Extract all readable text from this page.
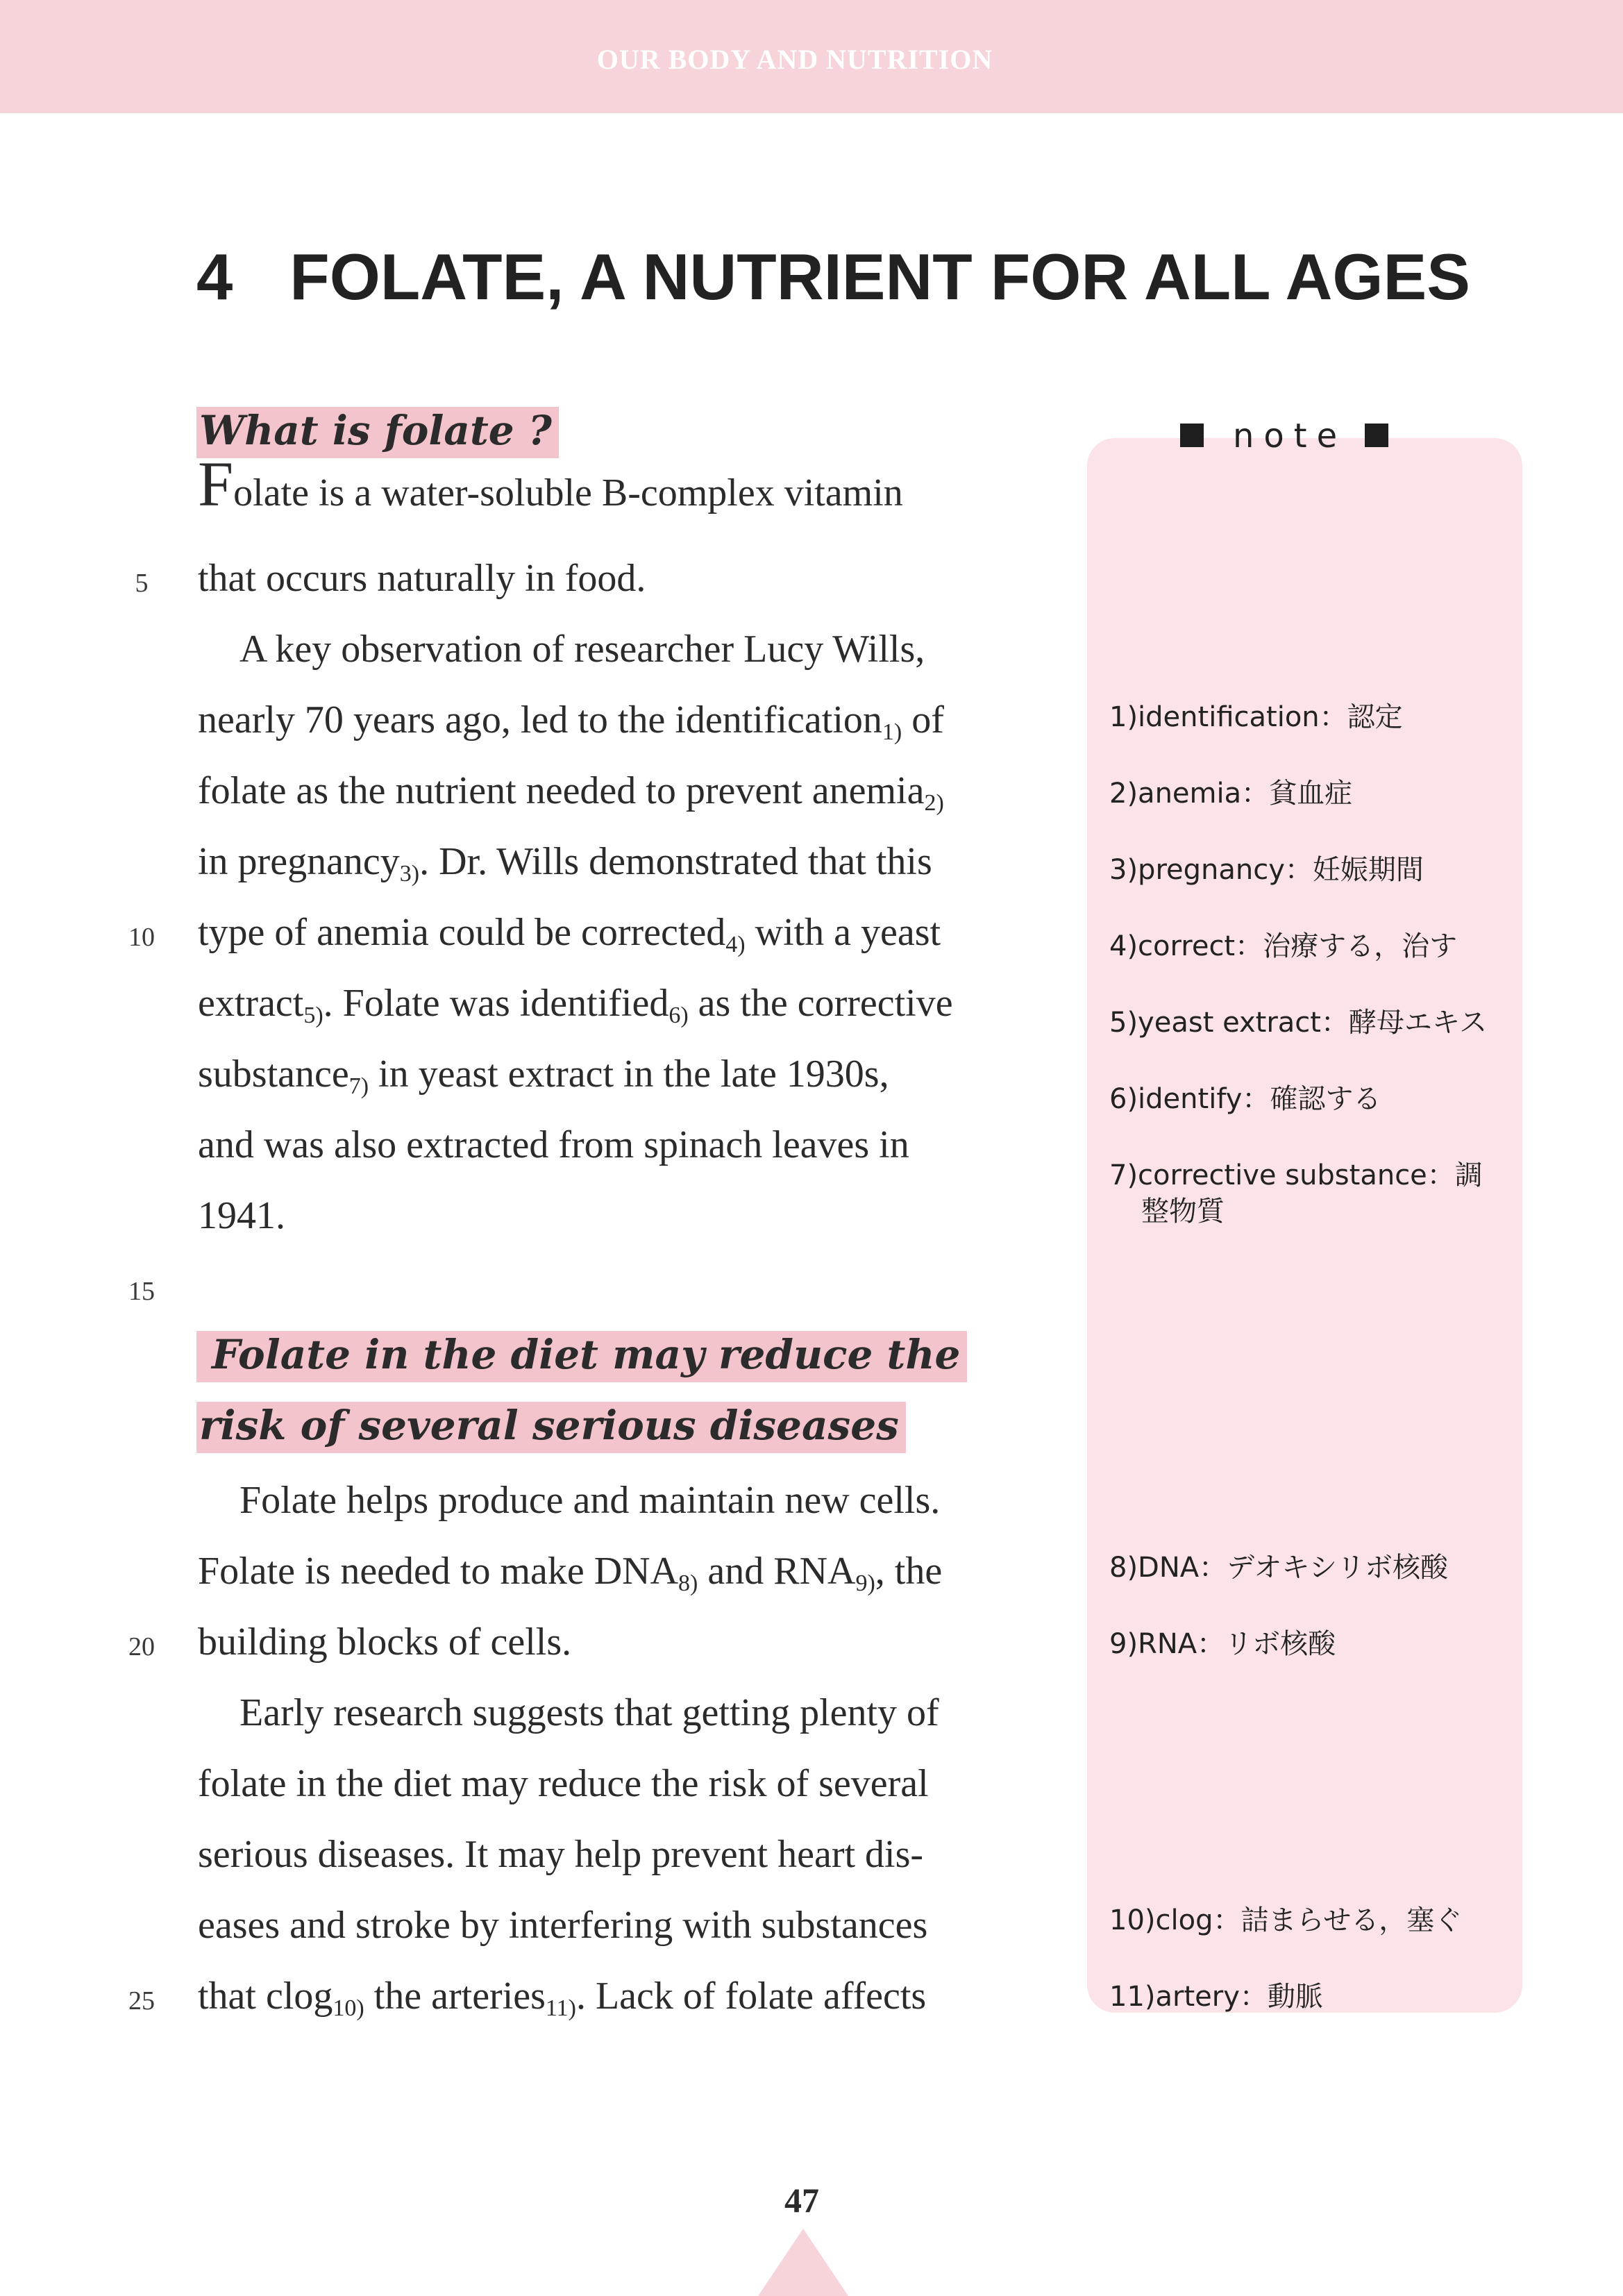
OUR BODY AND NUTRITION
4 FOLATE, A NUTRIENT FOR ALL AGES
What is folate ?

Folate is a water-soluble B-complex vitamin

that occurs naturally in food.

A key observation of researcher Lucy Wills,

nearly 70 years ago, led to the identification$_{1)}$ of

folate as the nutrient needed to prevent anemia$_{2)}$

in pregnancy$_{3)}$. Dr. Wills demonstrated that this

type of anemia could be corrected$_{4)}$ with a yeast

extract$_{5)}$. Folate was identified$_{6)}$ as the corrective

substance$_{7)}$ in yeast extract in the late 1930s,

and was also extracted from spinach leaves in

1941.

Folate in the diet may reduce the
risk of several serious diseases

Folate helps produce and maintain new cells.

Folate is needed to make $DNA_{8)}$ and $RNA_{9)}$, the

building blocks of cells.

Early research suggests that getting plenty of

folate in the diet may reduce the risk of several

serious diseases. It may help prevent heart dis-

eases and stroke by interfering with substances

that clog$_{10)}$ the arteries$_{11)}$. Lack of folate affects

5
10
15
20
25
note

1)identification：認定

2)anemia：貧血症

3)pregnancy：妊娠期間

4)correct：治療する，治す

5)yeast extract：酵母エキス

6)identify：確認する

7)corrective substance：調
整物質

8)DNA：デオキシリボ核酸

9)RNA：リボ核酸

10)clog：詰まらせる，塞ぐ

11)artery：動脈

47
